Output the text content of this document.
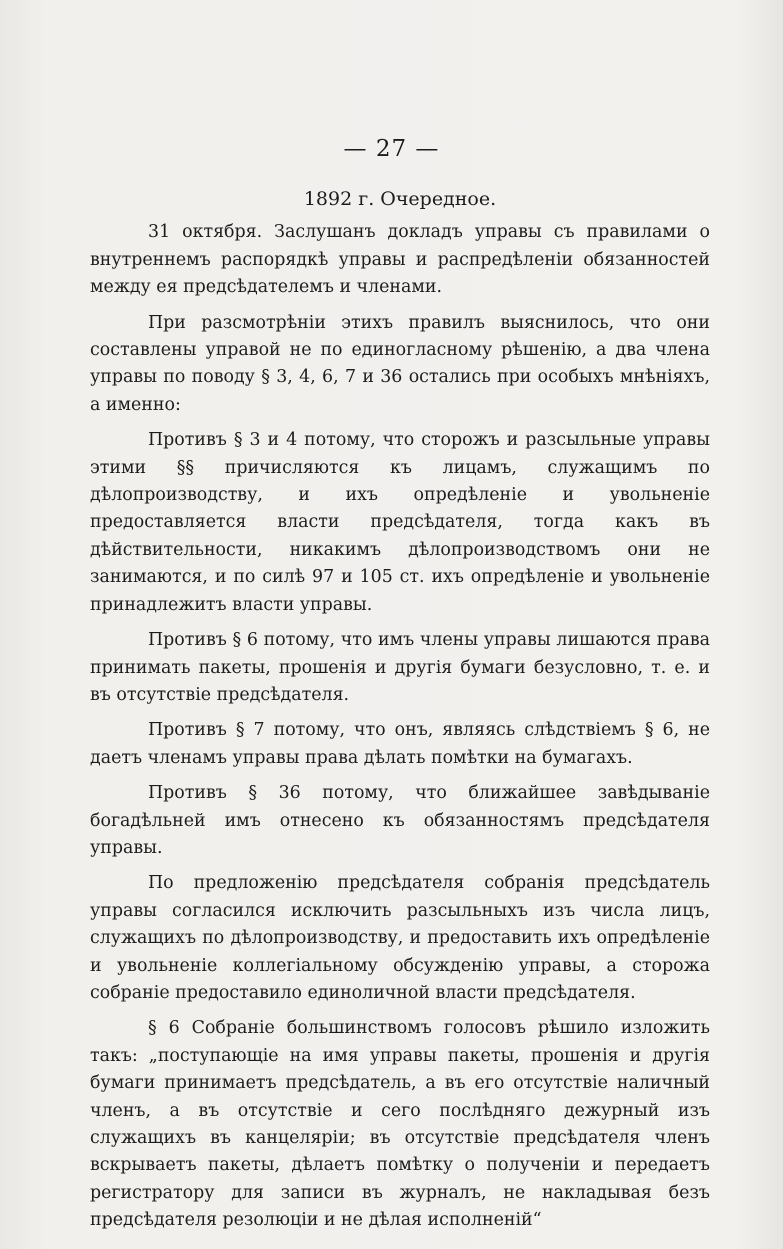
— 27 —
1892 г. Очередное.

31 октября. Заслушанъ докладъ управы съ правилами о внутреннемъ распорядкѣ управы и распредѣленіи обязанностей между ея предсѣдателемъ и членами.

При разсмотрѣніи этихъ правилъ выяснилось, что они составлены управой не по единогласному рѣшенію, а два члена управы по поводу § 3, 4, 6, 7 и 36 остались при особыхъ мнѣніяхъ, а именно:

Противъ § 3 и 4 потому, что сторожъ и разсыльные управы этими §§ причисляются къ лицамъ, служащимъ по дѣлопроизводству, и ихъ опредѣленіе и увольненіе предоставляется власти предсѣдателя, тогда какъ въ дѣйствительности, никакимъ дѣлопроизводствомъ они не занимаются, и по силѣ 97 и 105 ст. ихъ опредѣленіе и увольненіе принадлежитъ власти управы.

Противъ § 6 потому, что имъ члены управы лишаются права принимать пакеты, прошенія и другія бумаги безусловно, т. е. и въ отсутствіе предсѣдателя.

Противъ § 7 потому, что онъ, являясь слѣдствіемъ § 6, не даетъ членамъ управы права дѣлать помѣтки на бумагахъ.

Противъ § 36 потому, что ближайшее завѣдываніе богадѣльней имъ отнесено къ обязанностямъ предсѣдателя управы.

По предложенію предсѣдателя собранія предсѣдатель управы согласился исключить разсыльныхъ изъ числа лицъ, служащихъ по дѣлопроизводству, и предоставить ихъ опредѣленіе и увольненіе коллегіальному обсужденію управы, а сторожа собраніе предоставило единоличной власти предсѣдателя.

§ 6 Собраніе большинствомъ голосовъ рѣшило изложить такъ: „поступающіе на имя управы пакеты, прошенія и другія бумаги принимаетъ предсѣдатель, а въ его отсутствіе наличный членъ, а въ отсутствіе и сего послѣдняго дежурный изъ служащихъ въ канцеляріи; въ отсутствіе предсѣдателя членъ вскрываетъ пакеты, дѣлаетъ помѣтку о полученіи и передаетъ регистратору для записи въ журналъ, не накладывая безъ предсѣдателя резолюціи и не дѣлая исполненій“
